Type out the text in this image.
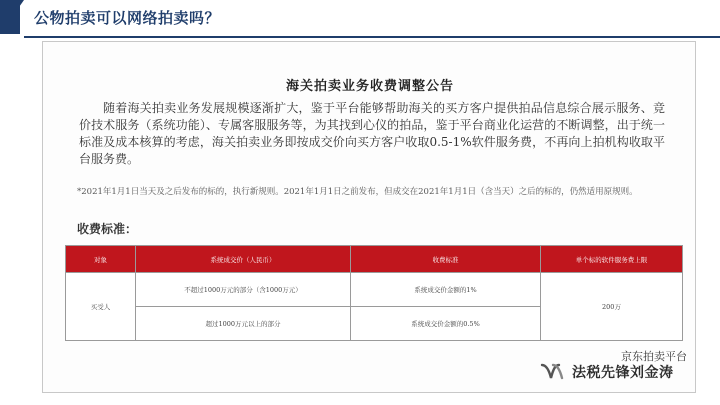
公物拍卖可以网络拍卖吗？
海关拍卖业务收费调整公告
随着海关拍卖业务发展规模逐渐扩大，鉴于平台能够帮助海关的买方客户提供拍品信息综合展示服务、竞价技术服务（系统功能）、专属客服服务等，为其找到心仪的拍品，鉴于平台商业化运营的不断调整，出于统一标准及成本核算的考虑，海关拍卖业务即按成交价向买方客户收取0.5-1%软件服务费，不再向上拍机构收取平台服务费。
*2021年1月1日当天及之后发布的标的，执行新规则。2021年1月1日之前发布，但成交在2021年1月1日（含当天）之后的标的，仍然适用原规则。
收费标准：
对象	系统成交价（人民币）	收费标准	单个标的软件服务费上限
买受人	不超过1000万元的部分（含1000万元）	系统成交价金额的1%	200万
	超过1000万元以上的部分	系统成交价金额的0.5%	
京东拍卖平台
法税先锋刘金涛
